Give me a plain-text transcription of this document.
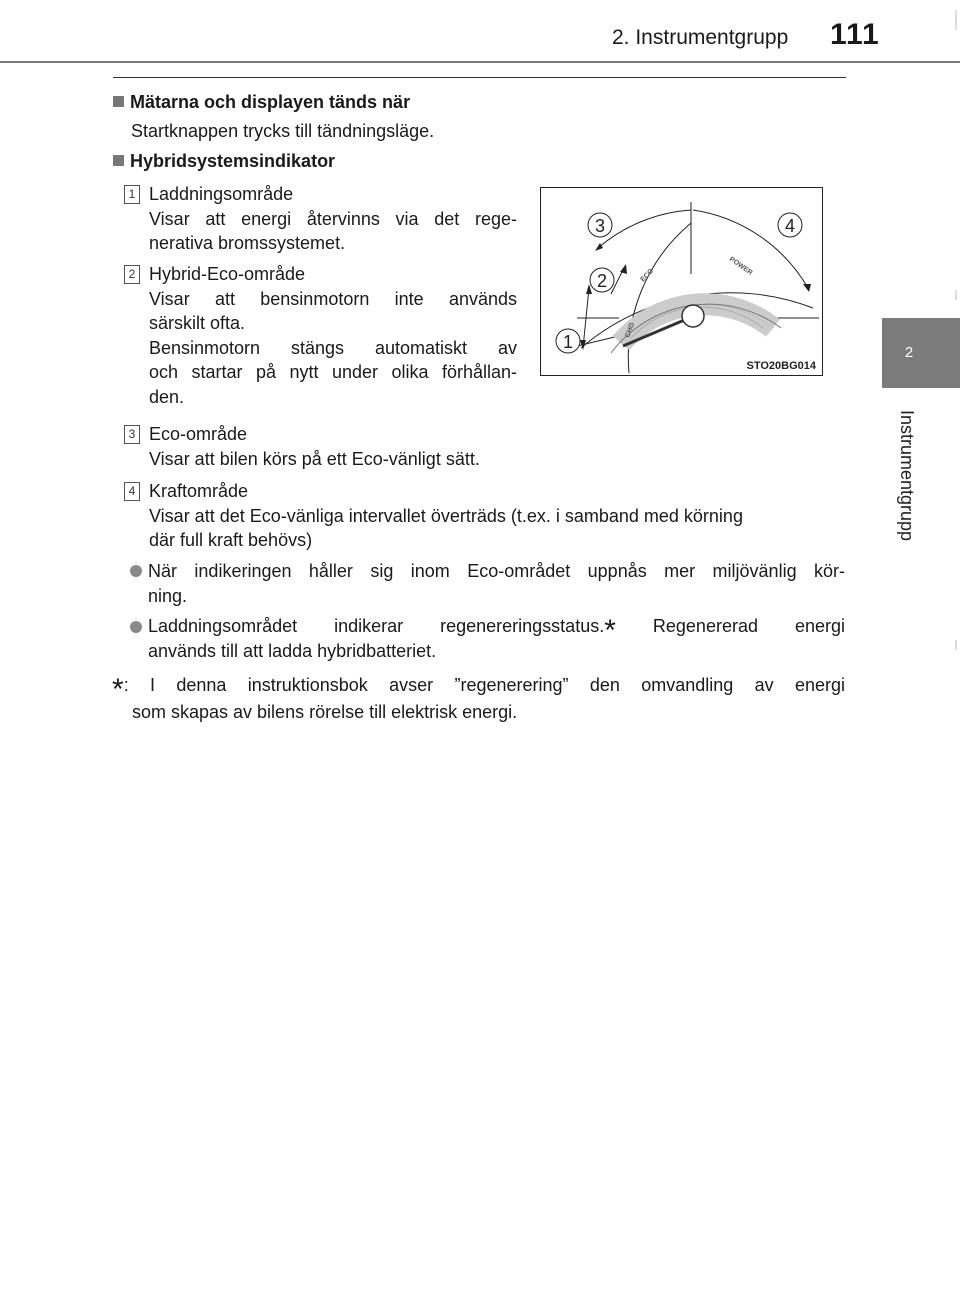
2. Instrumentgrupp 111
2
Instrumentgrupp
Mätarna och displayen tänds när
Startknappen trycks till tändningsläge.
Hybridsystemsindikator
1 Laddningsområde
Visar att energi återvinns via det rege-
nerativa bromssystemet.
2 Hybrid-Eco-område
Visar att bensinmotorn inte används
särskilt ofta.
Bensinmotorn stängs automatiskt av
och startar på nytt under olika förhållan-
den.
3 Eco-område
Visar att bilen körs på ett Eco-vänligt sätt.
4 Kraftområde
Visar att det Eco-vänliga intervallet överträds (t.ex. i samband med körning
där full kraft behövs)
När indikeringen håller sig inom Eco-området uppnås mer miljövänlig kör-
ning.
Laddningsområdet indikerar regenereringsstatus.* Regenererad energi
används till att ladda hybridbatteriet.
*: I denna instruktionsbok avser ”regenerering” den omvandling av energi
som skapas av bilens rörelse till elektrisk energi.
CHG
ECO	POWER
1
2
3	4
STO20BG014
